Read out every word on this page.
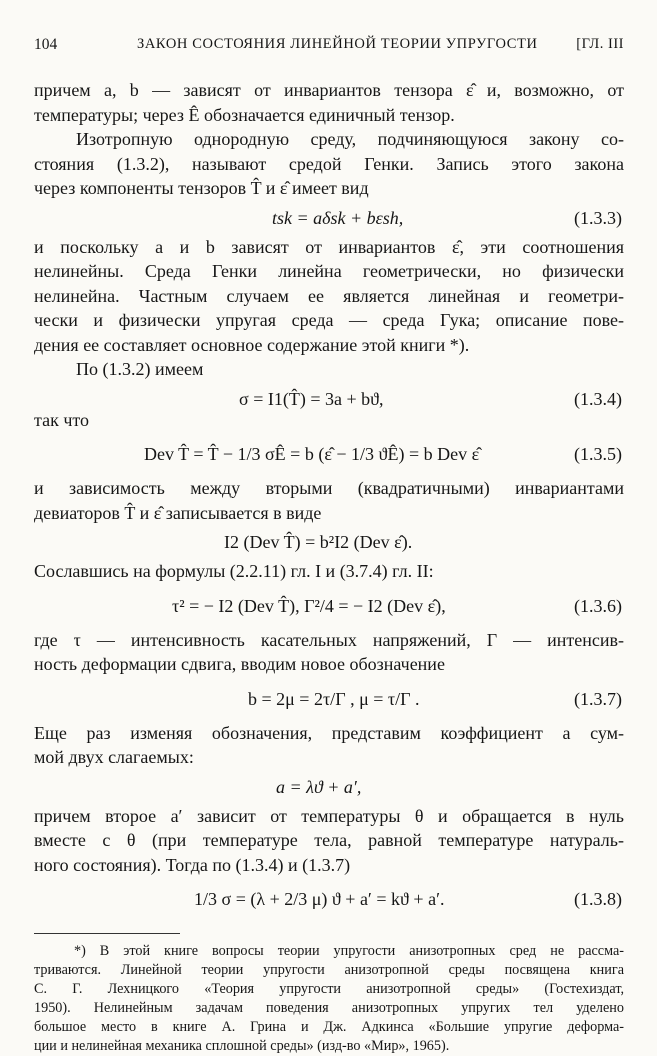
104	ЗАКОН СОСТОЯНИЯ ЛИНЕЙНОЙ ТЕОРИИ УПРУГОСТИ	[ГЛ. III
причем a, b — зависят от инвариантов тензора ε̂ и, возможно, от
температуры; через Ê обозначается единичный тензор.
Изотропную однородную среду, подчиняющуюся закону со-
стояния (1.3.2), называют средой Генки. Запись этого закона
через компоненты тензоров T̂ и ε̂ имеет вид
tsk = aδsk + bεsh,	(1.3.3)
и поскольку a и b зависят от инвариантов ε̂, эти соотношения
нелинейны. Среда Генки линейна геометрически, но физически
нелинейна. Частным случаем ее является линейная и геометри-
чески и физически упругая среда — среда Гука; описание пове-
дения ее составляет основное содержание этой книги *).
По (1.3.2) имеем
σ = I1(T̂) = 3a + bϑ,	(1.3.4)
так что
Dev T̂ = T̂ − 1/3 σÊ = b (ε̂ − 1/3 ϑÊ) = b Dev ε̂	(1.3.5)
и зависимость между вторыми (квадратичными) инвариантами
девиаторов T̂ и ε̂ записывается в виде
I2 (Dev T̂) = b²I2 (Dev ε̂).
Сославшись на формулы (2.2.11) гл. I и (3.7.4) гл. II:
τ² = − I2 (Dev T̂), Γ²/4 = − I2 (Dev ε̂),	(1.3.6)
где τ — интенсивность касательных напряжений, Γ — интенсив-
ность деформации сдвига, вводим новое обозначение
b = 2μ = 2τ/Γ , μ = τ/Γ .	(1.3.7)
Еще раз изменяя обозначения, представим коэффициент a сум-
мой двух слагаемых:
a = λϑ + a′,
причем второе a′ зависит от температуры θ и обращается в нуль
вместе с θ (при температуре тела, равной температуре натураль-
ного состояния). Тогда по (1.3.4) и (1.3.7)
1/3 σ = (λ + 2/3 μ) ϑ + a′ = kϑ + a′.	(1.3.8)
*) В этой книге вопросы теории упругости анизотропных сред не рассма-
триваются. Линейной теории упругости анизотропной среды посвящена книга
С. Г. Лехницкого «Теория упругости анизотропной среды» (Гостехиздат,
1950). Нелинейным задачам поведения анизотропных упругих тел уделено
большое место в книге А. Грина и Дж. Адкинса «Большие упругие деформа-
ции и нелинейная механика сплошной среды» (изд-во «Мир», 1965).
